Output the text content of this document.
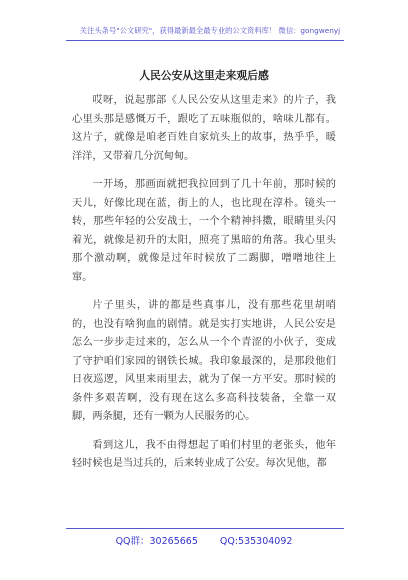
关注头条号"公文研究"，获得最新最全最专业的公文资料库！ 微信：gongwenyj
人民公安从这里走来观后感

哎呀，说起那部《人民公安从这里走来》的片子，我心里头那是感慨万千，跟吃了五味瓶似的，啥味儿都有。这片子，就像是咱老百姓自家炕头上的故事，热乎乎，暖洋洋，又带着几分沉甸甸。

一开场，那画面就把我拉回到了几十年前，那时候的天儿，好像比现在蓝，街上的人，也比现在淳朴。镜头一转，那些年轻的公安战士，一个个精神抖擞，眼睛里头闪着光，就像是初升的太阳，照亮了黑暗的角落。我心里头那个激动啊，就像是过年时候放了二踢脚，噌噌地往上窜。

片子里头，讲的都是些真事儿，没有那些花里胡哨的，也没有啥狗血的剧情。就是实打实地讲，人民公安是怎么一步步走过来的，怎么从一个个青涩的小伙子，变成了守护咱们家园的钢铁长城。我印象最深的，是那段他们日夜巡逻，风里来雨里去，就为了保一方平安。那时候的条件多艰苦啊，没有现在这么多高科技装备，全靠一双脚，两条腿，还有一颗为人民服务的心。

看到这儿，我不由得想起了咱们村里的老张头，他年轻时候也是当过兵的，后来转业成了公安。每次见他，都

QQ群：30265665 QQ:535304092
